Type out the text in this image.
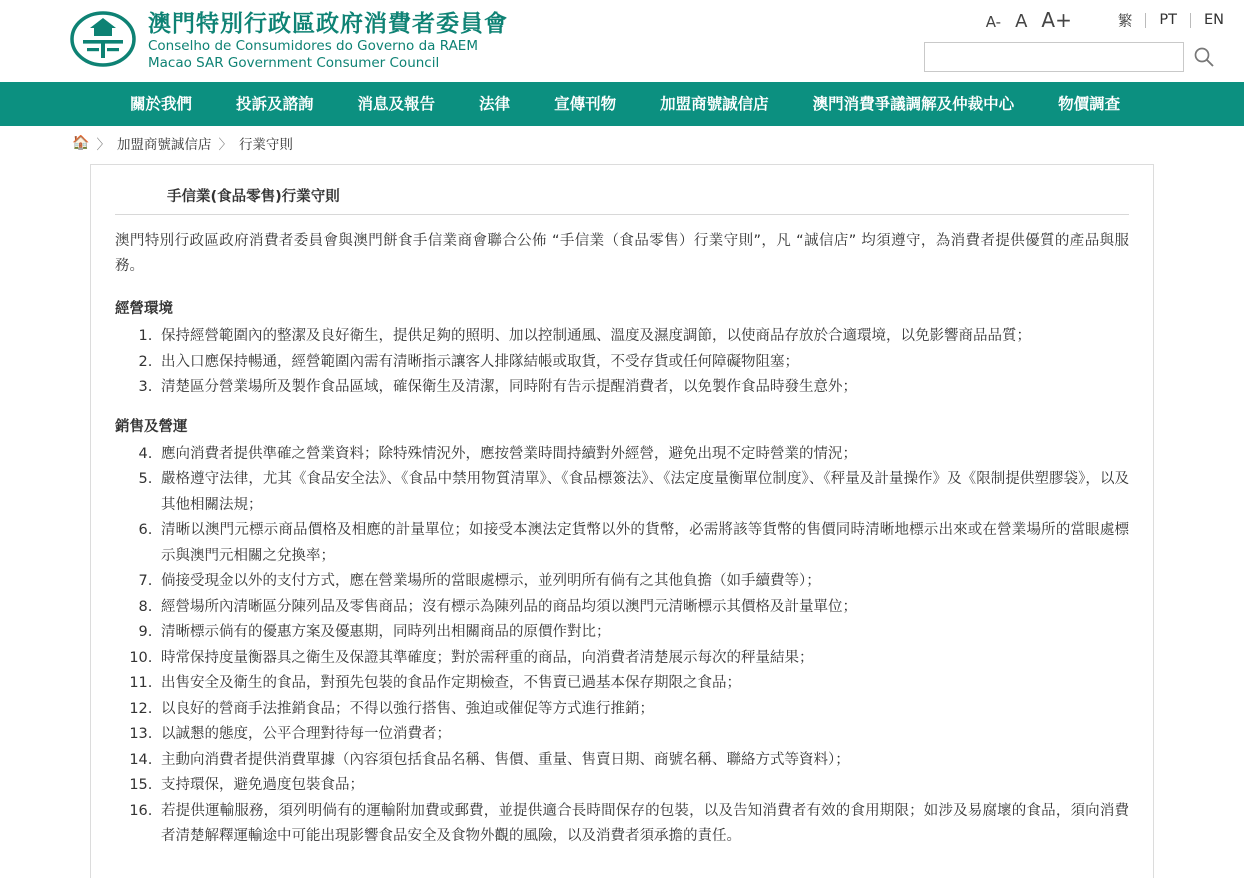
澳門特別行政區政府消費者委員會
Conselho de Consumidores do Governo da RAEM
Macao SAR Government Consumer Council
A- A A+	繁 PT EN
關於我們	投訴及諮詢	消息及報告	法律	宣傳刊物	加盟商號誠信店	澳門消費爭議調解及仲裁中心	物價調查
🏠 〉 加盟商號誠信店 〉 行業守則
手信業(食品零售)行業守則

澳門特別行政區政府消費者委員會與澳門餅食手信業商會聯合公佈 “手信業（食品零售）行業守則”，凡 “誠信店” 均須遵守，為消費者提供優質的產品與服務。

經營環境
1. 保持經營範圍內的整潔及良好衛生，提供足夠的照明、加以控制通風、溫度及濕度調節，以使商品存放於合適環境，以免影響商品品質；
2. 出入口應保持暢通，經營範圍內需有清晰指示讓客人排隊結帳或取貨，不受存貨或任何障礙物阻塞；
3. 清楚區分營業場所及製作食品區域，確保衛生及清潔，同時附有告示提醒消費者，以免製作食品時發生意外；
銷售及營運
4. 應向消費者提供準確之營業資料；除特殊情況外，應按營業時間持續對外經營，避免出現不定時營業的情況；
5. 嚴格遵守法律，尤其《食品安全法》、《食品中禁用物質清單》、《食品標簽法》、《法定度量衡單位制度》、《秤量及計量操作》及《限制提供塑膠袋》，以及其他相關法規；
6. 清晰以澳門元標示商品價格及相應的計量單位；如接受本澳法定貨幣以外的貨幣，必需將該等貨幣的售價同時清晰地標示出來或在營業場所的當眼處標示與澳門元相關之兌換率；
7. 倘接受現金以外的支付方式，應在營業場所的當眼處標示，並列明所有倘有之其他負擔（如手續費等）；
8. 經營場所內清晰區分陳列品及零售商品；沒有標示為陳列品的商品均須以澳門元清晰標示其價格及計量單位；
9. 清晰標示倘有的優惠方案及優惠期，同時列出相關商品的原價作對比；
10. 時常保持度量衡器具之衛生及保證其準確度；對於需秤重的商品，向消費者清楚展示每次的秤量結果；
11. 出售安全及衛生的食品，對預先包裝的食品作定期檢查，不售賣已過基本保存期限之食品；
12. 以良好的營商手法推銷食品；不得以強行搭售、強迫或催促等方式進行推銷；
13. 以誠懇的態度，公平合理對待每一位消費者；
14. 主動向消費者提供消費單據（內容須包括食品名稱、售價、重量、售賣日期、商號名稱、聯絡方式等資料）；
15. 支持環保，避免過度包裝食品；
16. 若提供運輸服務，須列明倘有的運輸附加費或郵費，並提供適合長時間保存的包裝，以及告知消費者有效的食用期限；如涉及易腐壞的食品，須向消費者清楚解釋運輸途中可能出現影響食品安全及食物外觀的風險，以及消費者須承擔的責任。
